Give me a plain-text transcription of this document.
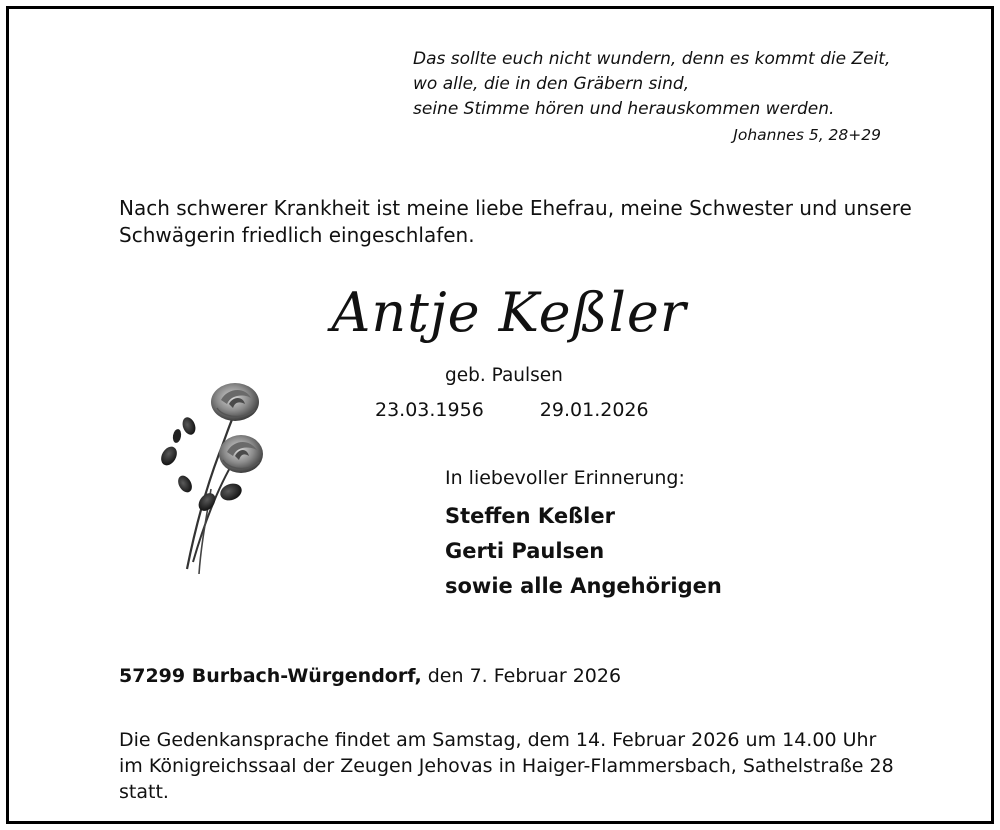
Das sollte euch nicht wundern, denn es kommt die Zeit,
wo alle, die in den Gräbern sind,
seine Stimme hören und herauskommen werden.
Johannes 5, 28+29
Nach schwerer Krankheit ist meine liebe Ehefrau, meine Schwester und unsere
Schwägerin friedlich eingeschlafen.
Antje Keßler
geb. Paulsen
23.03.1956	29.01.2026
In liebevoller Erinnerung:
Steffen Keßler
Gerti Paulsen
sowie alle Angehörigen
57299 Burbach-Würgendorf, den 7. Februar 2026
Die Gedenkansprache findet am Samstag, dem 14. Februar 2026 um 14.00 Uhr
im Königreichssaal der Zeugen Jehovas in Haiger-Flammersbach, Sathelstraße 28
statt.
